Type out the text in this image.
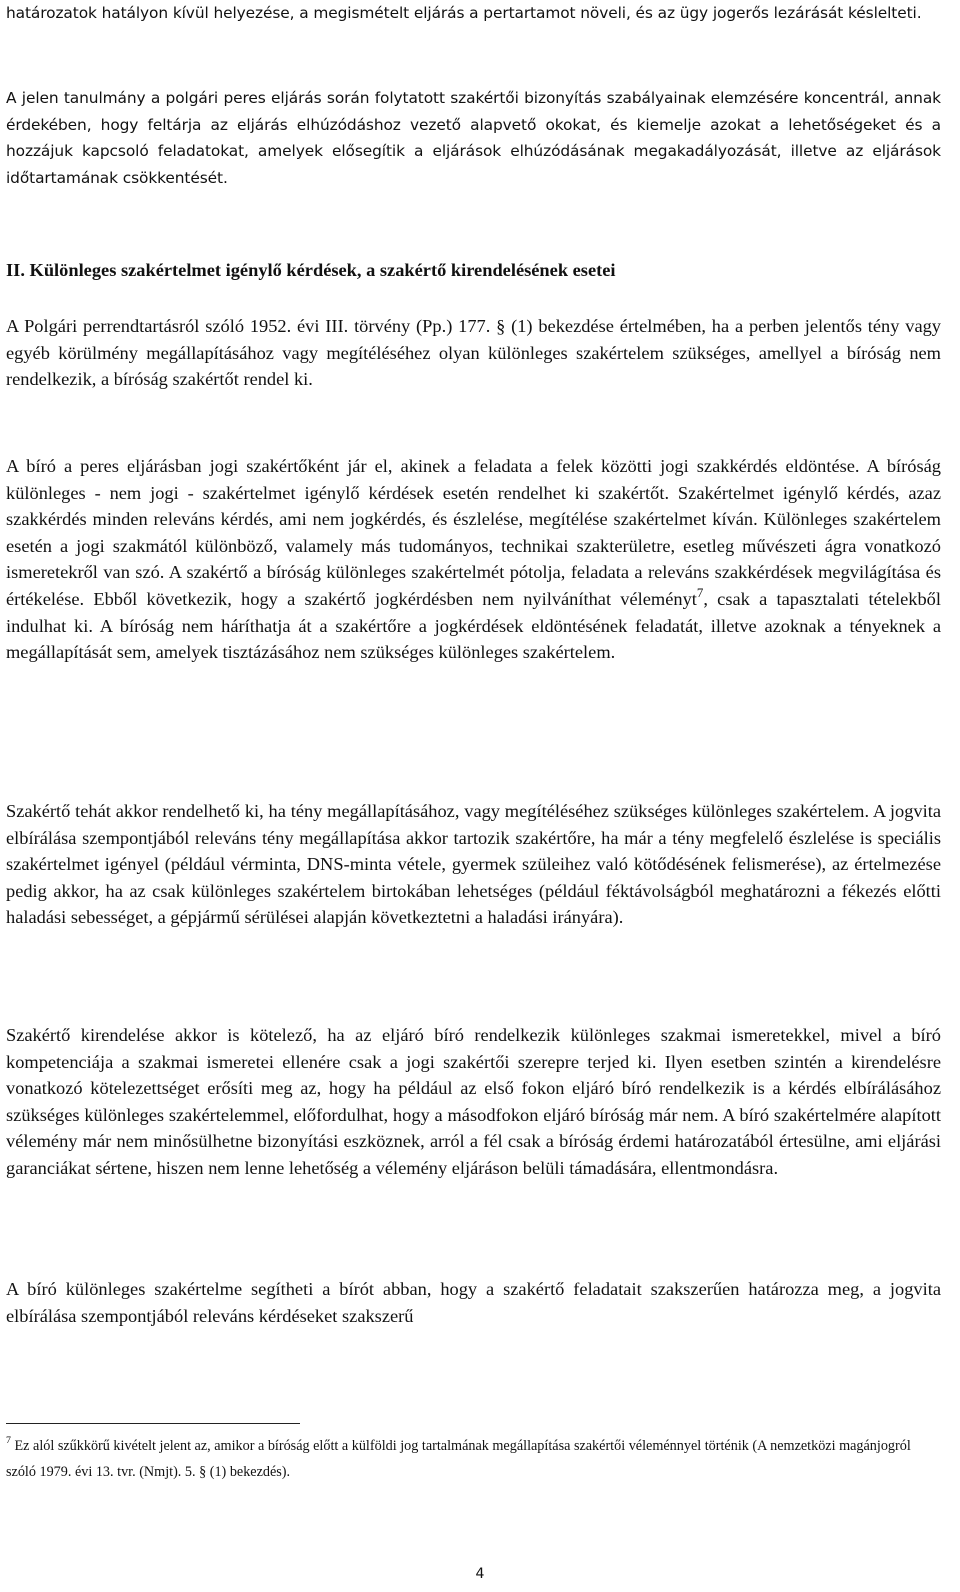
határozatok hatályon kívül helyezése, a megismételt eljárás a pertartamot növeli, és az ügy jogerős lezárását késlelteti.

A jelen tanulmány a polgári peres eljárás során folytatott szakértői bizonyítás szabályainak elemzésére koncentrál, annak érdekében, hogy feltárja az eljárás elhúzódáshoz vezető alapvető okokat, és kiemelje azokat a lehetőségeket és a hozzájuk kapcsoló feladatokat, amelyek elősegítik a eljárások elhúzódásának megakadályozását, illetve az eljárások időtartamának csökkentését.

II. Különleges szakértelmet igénylő kérdések, a szakértő kirendelésének esetei

A Polgári perrendtartásról szóló 1952. évi III. törvény (Pp.) 177. § (1) bekezdése értelmében, ha a perben jelentős tény vagy egyéb körülmény megállapításához vagy megítéléséhez olyan különleges szakértelem szükséges, amellyel a bíróság nem rendelkezik, a bíróság szakértőt rendel ki.

A bíró a peres eljárásban jogi szakértőként jár el, akinek a feladata a felek közötti jogi szakkérdés eldöntése. A bíróság különleges - nem jogi - szakértelmet igénylő kérdések esetén rendelhet ki szakértőt. Szakértelmet igénylő kérdés, azaz szakkérdés minden releváns kérdés, ami nem jogkérdés, és észlelése, megítélése szakértelmet kíván. Különleges szakértelem esetén a jogi szakmától különböző, valamely más tudományos, technikai szakterületre, esetleg művészeti ágra vonatkozó ismeretekről van szó. A szakértő a bíróság különleges szakértelmét pótolja, feladata a releváns szakkérdések megvilágítása és értékelése. Ebből következik, hogy a szakértő jogkérdésben nem nyilváníthat véleményt$^7$, csak a tapasztalati tételekből indulhat ki. A bíróság nem háríthatja át a szakértőre a jogkérdések eldöntésének feladatát, illetve azoknak a tényeknek a megállapítását sem, amelyek tisztázásához nem szükséges különleges szakértelem.

Szakértő tehát akkor rendelhető ki, ha tény megállapításához, vagy megítéléséhez szükséges különleges szakértelem. A jogvita elbírálása szempontjából releváns tény megállapítása akkor tartozik szakértőre, ha már a tény megfelelő észlelése is speciális szakértelmet igényel (például vérminta, DNS-minta vétele, gyermek szüleihez való kötődésének felismerése), az értelmezése pedig akkor, ha az csak különleges szakértelem birtokában lehetséges (például féktávolságból meghatározni a fékezés előtti haladási sebességet, a gépjármű sérülései alapján következtetni a haladási irányára).

Szakértő kirendelése akkor is kötelező, ha az eljáró bíró rendelkezik különleges szakmai ismeretekkel, mivel a bíró kompetenciája a szakmai ismeretei ellenére csak a jogi szakértői szerepre terjed ki. Ilyen esetben szintén a kirendelésre vonatkozó kötelezettséget erősíti meg az, hogy ha például az első fokon eljáró bíró rendelkezik is a kérdés elbírálásához szükséges különleges szakértelemmel, előfordulhat, hogy a másodfokon eljáró bíróság már nem. A bíró szakértelmére alapított vélemény már nem minősülhetne bizonyítási eszköznek, arról a fél csak a bíróság érdemi határozatából értesülne, ami eljárási garanciákat sértene, hiszen nem lenne lehetőség a vélemény eljáráson belüli támadására, ellentmondásra.

A bíró különleges szakértelme segítheti a bírót abban, hogy a szakértő feladatait szakszerűen határozza meg, a jogvita elbírálása szempontjából releváns kérdéseket szakszerű

$^7$ Ez alól szűkkörű kivételt jelent az, amikor a bíróság előtt a külföldi jog tartalmának megállapítása szakértői véleménnyel történik (A nemzetközi magánjogról szóló 1979. évi 13. tvr. (Nmjt). 5. § (1) bekezdés).

4
